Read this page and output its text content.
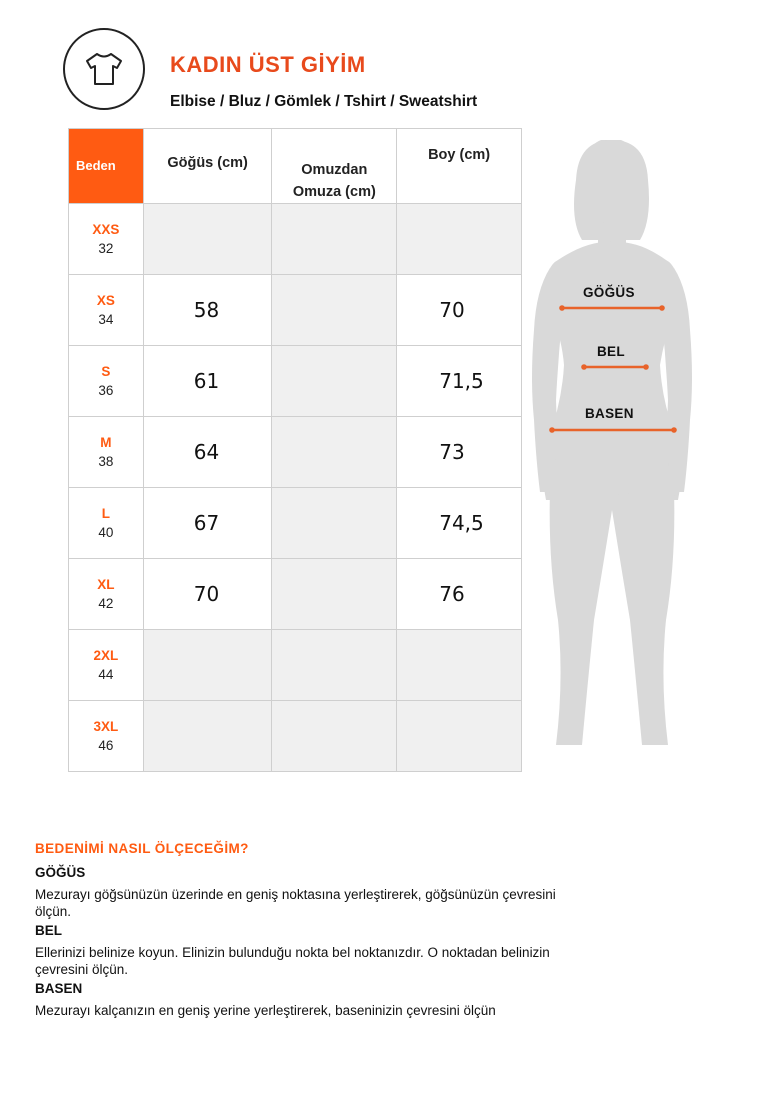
KADIN ÜST GİYİM
Elbise / Bluz / Gömlek / Tshirt / Sweatshirt
Beden	Göğüs (cm)	Omuzdan Omuza (cm)	Boy (cm)

XXS
32			

XS
34	58		70

S
36	61		71,5

M
38	64		73

L
40	67		74,5

XL
42	70		76

2XL
44			

3XL
46			

GÖĞÜS
BEL
BASEN
BEDENİMİ NASIL ÖLÇECEĞİM?
GÖĞÜS
Mezurayı göğsünüzün üzerinde en geniş noktasına yerleştirerek, göğsünüzün çevresini ölçün.
BEL
Ellerinizi belinize koyun. Elinizin bulunduğu nokta bel noktanızdır. O noktadan belinizin çevresini ölçün.
BASEN
Mezurayı kalçanızın en geniş yerine yerleştirerek, baseninizin çevresini ölçün
